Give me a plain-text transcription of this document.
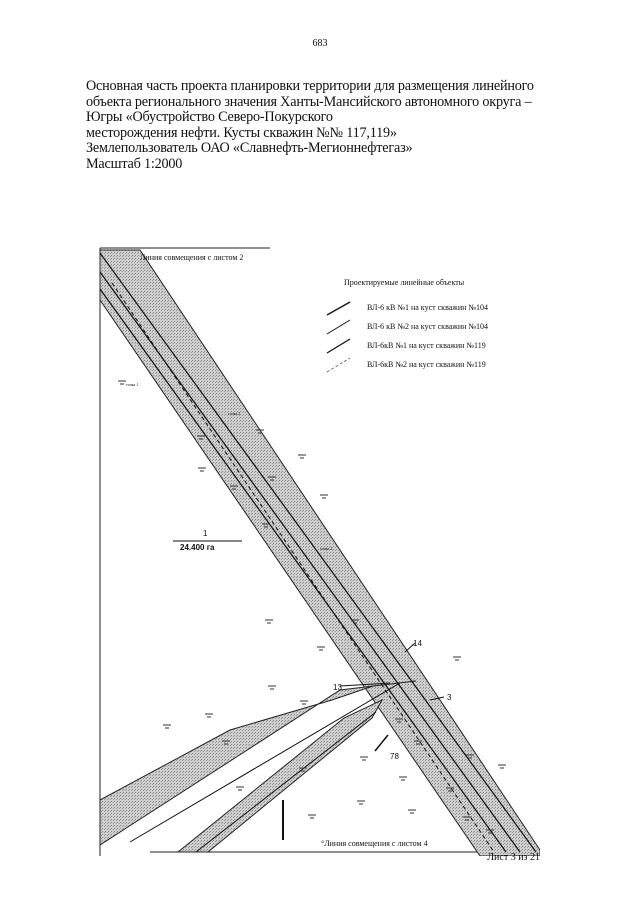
683
Основная часть проекта планировки территории для размещения линейного
объекта регионального значения Ханты-Мансийского автономного округа –
Югры «Обустройство Северо-Покурского
месторождения нефти. Кусты скважин №№ 117,119»
Землепользователь ОАО «Славнефть-Мегионнефтегаз»
Масштаб 1:2000
Линия совмещения с листом 2
°Линия совмещения с листом 4
1
24.400 га
14
13
3
78
точка 1
точка 2
точка 2
Проектируемые линейные объекты
ВЛ-6 кВ №1 на куст скважин №104
ВЛ-6 кВ №2 на куст скважин №104
ВЛ-6кВ №1 на куст скважин №119
ВЛ-6кВ №2 на куст скважин №119
Лист 3 из 21
